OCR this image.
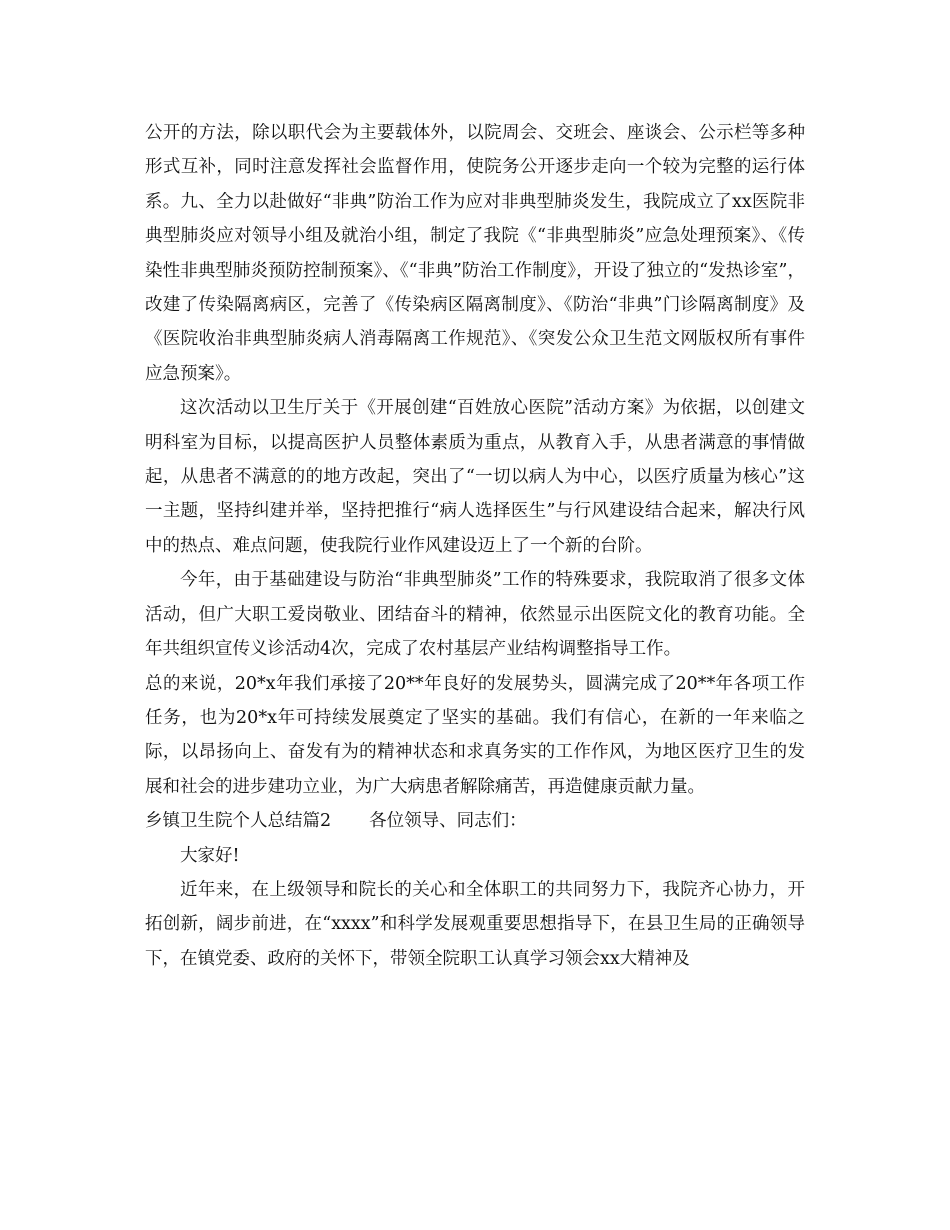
公开的方法，除以职代会为主要载体外，以院周会、交班会、座谈会、公示栏等多种形式互补，同时注意发挥社会监督作用，使院务公开逐步走向一个较为完整的运行体系。九、全力以赴做好“非典”防治工作为应对非典型肺炎发生，我院成立了xx医院非典型肺炎应对领导小组及就治小组，制定了我院《“非典型肺炎”应急处理预案》、《传染性非典型肺炎预防控制预案》、《“非典”防治工作制度》，开设了独立的“发热诊室”，改建了传染隔离病区，完善了《传染病区隔离制度》、《防治“非典”门诊隔离制度》及《医院收治非典型肺炎病人消毒隔离工作规范》、《突发公众卫生范文网版权所有事件应急预案》。

这次活动以卫生厅关于《开展创建“百姓放心医院”活动方案》为依据，以创建文明科室为目标，以提高医护人员整体素质为重点，从教育入手，从患者满意的事情做起，从患者不满意的的地方改起，突出了“一切以病人为中心，以医疗质量为核心”这一主题，坚持纠建并举，坚持把推行“病人选择医生”与行风建设结合起来，解决行风中的热点、难点问题，使我院行业作风建设迈上了一个新的台阶。

今年，由于基础建设与防治“非典型肺炎”工作的特殊要求，我院取消了很多文体活动，但广大职工爱岗敬业、团结奋斗的精神，依然显示出医院文化的教育功能。全年共组织宣传义诊活动4次，完成了农村基层产业结构调整指导工作。

总的来说，20*x年我们承接了20**年良好的发展势头，圆满完成了20**年各项工作任务，也为20*x年可持续发展奠定了坚实的基础。我们有信心，在新的一年来临之际，以昂扬向上、奋发有为的精神状态和求真务实的工作作风，为地区医疗卫生的发展和社会的进步建功立业，为广大病患者解除痛苦，再造健康贡献力量。

乡镇卫生院个人总结篇2 各位领导、同志们：

大家好!

近年来，在上级领导和院长的关心和全体职工的共同努力下，我院齐心协力，开拓创新，阔步前进，在“xxxx”和科学发展观重要思想指导下，在县卫生局的正确领导下，在镇党委、政府的关怀下，带领全院职工认真学习领会xx大精神及
